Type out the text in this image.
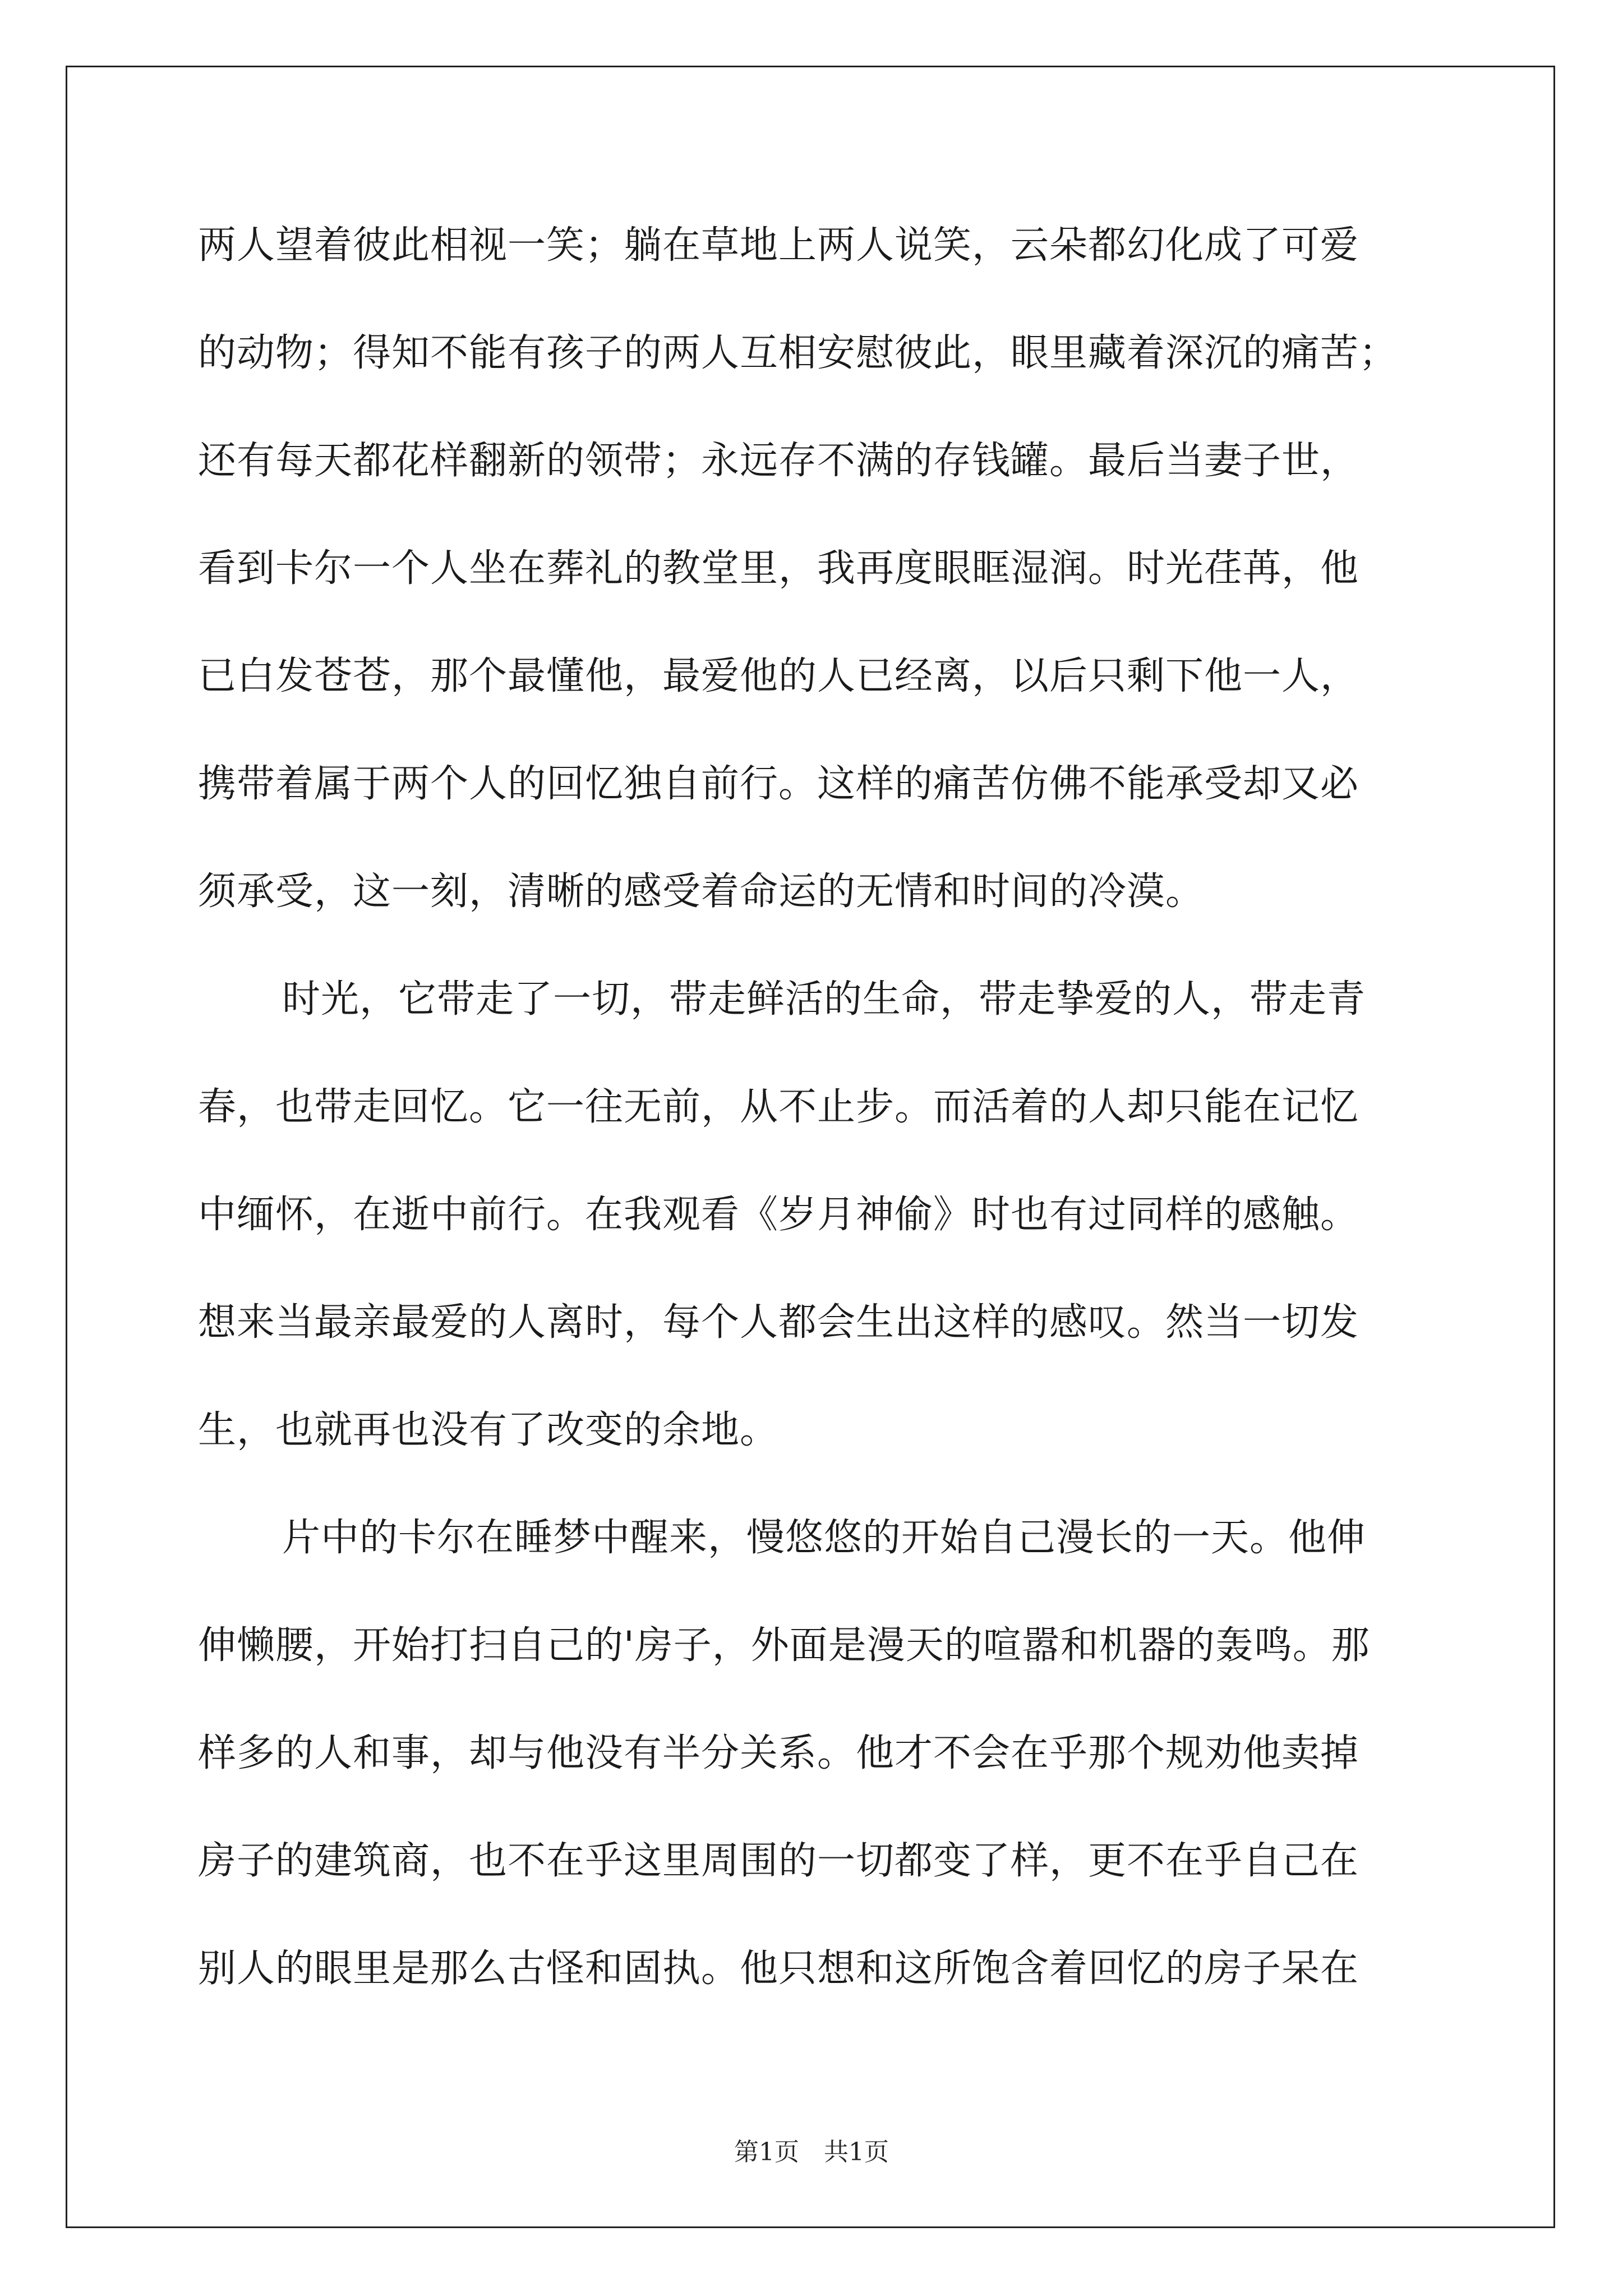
两人望着彼此相视一笑；躺在草地上两人说笑，云朵都幻化成了可爱
的动物；得知不能有孩子的两人互相安慰彼此，眼里藏着深沉的痛苦；
还有每天都花样翻新的领带；永远存不满的存钱罐。最后当妻子世，
看到卡尔一个人坐在葬礼的教堂里，我再度眼眶湿润。时光荏苒，他
已白发苍苍，那个最懂他，最爱他的人已经离，以后只剩下他一人，
携带着属于两个人的回忆独自前行。这样的痛苦仿佛不能承受却又必
须承受，这一刻，清晰的感受着命运的无情和时间的冷漠。
时光，它带走了一切，带走鲜活的生命，带走挚爱的人，带走青
春，也带走回忆。它一往无前，从不止步。而活着的人却只能在记忆
中缅怀，在逝中前行。在我观看《岁月神偷》时也有过同样的感触。
想来当最亲最爱的人离时，每个人都会生出这样的感叹。然当一切发
生，也就再也没有了改变的余地。
片中的卡尔在睡梦中醒来，慢悠悠的开始自己漫长的一天。他伸
伸懒腰，开始打扫自己的'房子，外面是漫天的喧嚣和机器的轰鸣。那
样多的人和事，却与他没有半分关系。他才不会在乎那个规劝他卖掉
房子的建筑商，也不在乎这里周围的一切都变了样，更不在乎自己在
别人的眼里是那么古怪和固执。他只想和这所饱含着回忆的房子呆在
第1页　共1页
